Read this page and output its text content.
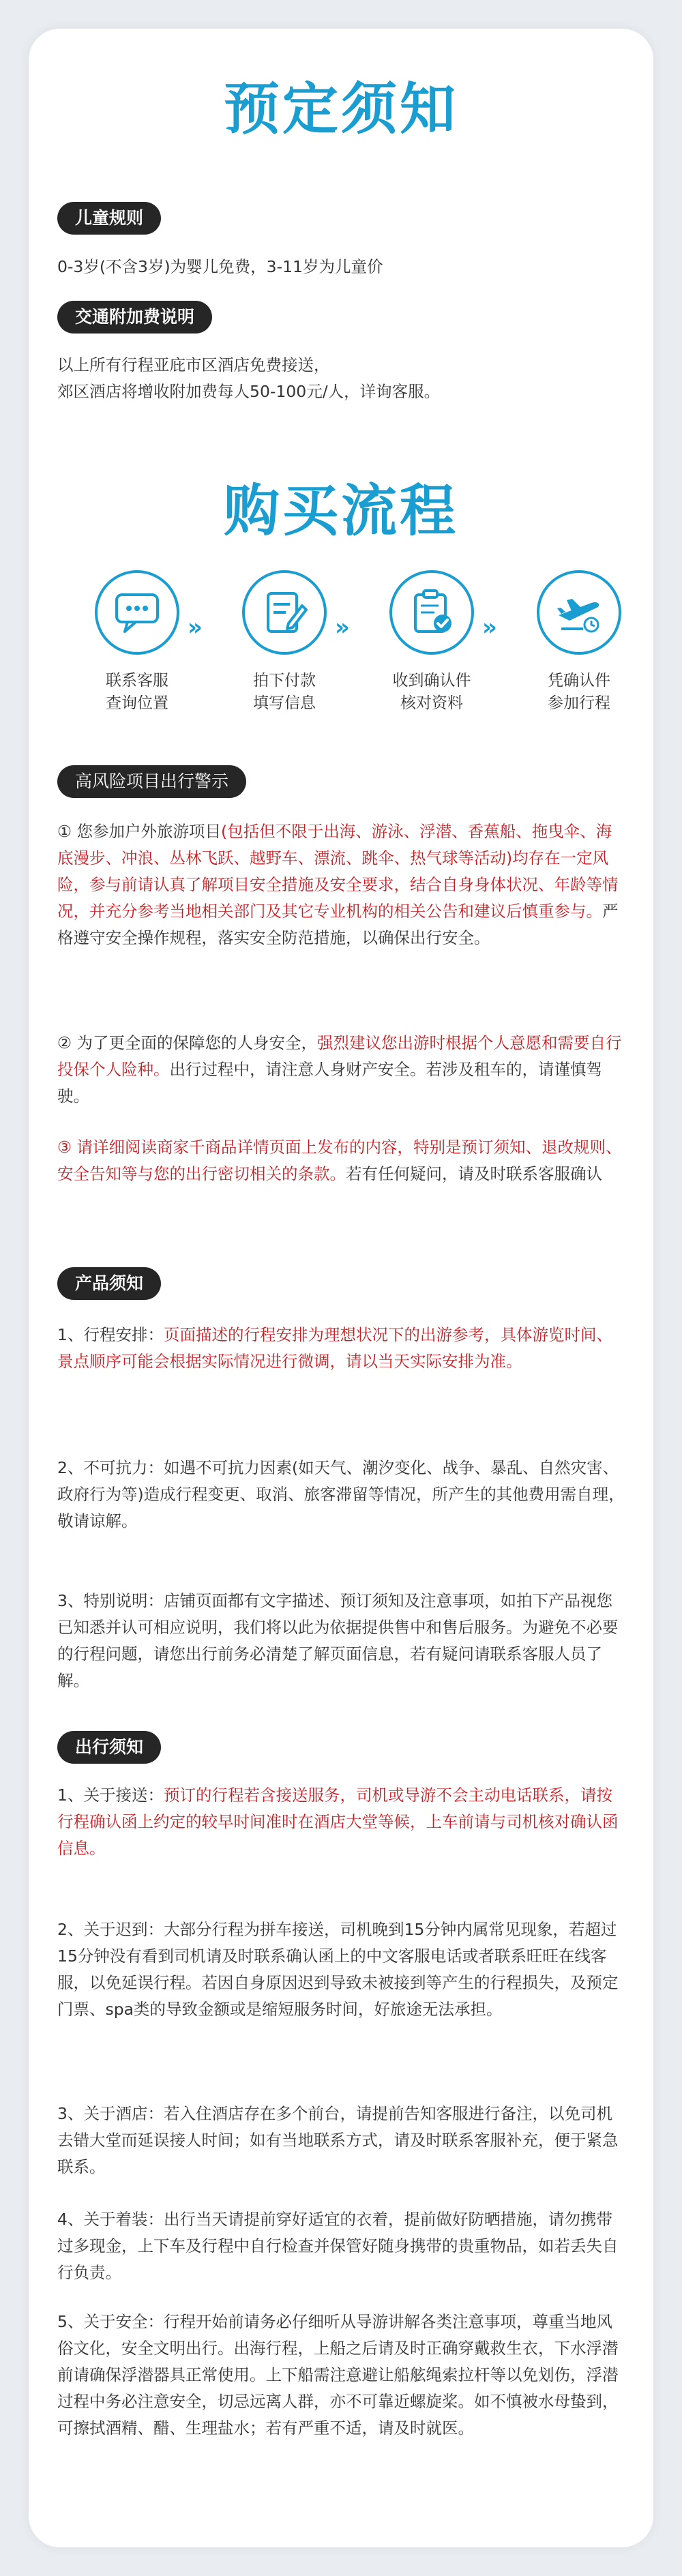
预定须知
儿童规则
0-3岁(不含3岁)为婴儿免费，3-11岁为儿童价
交通附加费说明

以上所有行程亚庇市区酒店免费接送，

郊区酒店将增收附加费每人50-100元/人，详询客服。

购买流程
联系客服
查询位置
»
拍下付款
填写信息
»
收到确认件
核对资料
»
凭确认件
参加行程
高风险项目出行警示
① 您参加户外旅游项目(包括但不限于出海、游泳、浮潜、香蕉船、拖曳伞、海底漫步、冲浪、丛林飞跃、越野车、漂流、跳伞、热气球等活动)均存在一定风险，参与前请认真了解项目安全措施及安全要求，结合自身身体状况、年龄等情况，并充分参考当地相关部门及其它专业机构的相关公告和建议后慎重参与。严格遵守安全操作规程，落实安全防范措施，以确保出行安全。
② 为了更全面的保障您的人身安全，强烈建议您出游时根据个人意愿和需要自行投保个人险种。出行过程中，请注意人身财产安全。若涉及租车的，请谨慎驾驶。
③ 请详细阅读商家千商品详情页面上发布的内容，特别是预订须知、退改规则、安全告知等与您的出行密切相关的条款。若有任何疑问，请及时联系客服确认
产品须知
1、行程安排：页面描述的行程安排为理想状况下的出游参考，具体游览时间、景点顺序可能会根据实际情况进行微调，请以当天实际安排为准。
2、不可抗力：如遇不可抗力因素(如天气、潮汐变化、战争、暴乱、自然灾害、政府行为等)造成行程变更、取消、旅客滞留等情况，所产生的其他费用需自理，敬请谅解。
3、特别说明：店铺页面都有文字描述、预订须知及注意事项，如拍下产品视您已知悉并认可相应说明，我们将以此为依据提供售中和售后服务。为避免不必要的行程问题，请您出行前务必清楚了解页面信息，若有疑问请联系客服人员了解。
出行须知
1、关于接送：预订的行程若含接送服务，司机或导游不会主动电话联系，请按行程确认函上约定的较早时间准时在酒店大堂等候，上车前请与司机核对确认函信息。
2、关于迟到：大部分行程为拼车接送，司机晚到15分钟内属常见现象，若超过15分钟没有看到司机请及时联系确认函上的中文客服电话或者联系旺旺在线客服，以免延误行程。若因自身原因迟到导致未被接到等产生的行程损失，及预定门票、spa类的导致金额或是缩短服务时间，好旅途无法承担。
3、关于酒店：若入住酒店存在多个前台，请提前告知客服进行备注，以免司机去错大堂而延误接人时间；如有当地联系方式，请及时联系客服补充，便于紧急联系。
4、关于着装：出行当天请提前穿好适宜的衣着，提前做好防晒措施，请勿携带过多现金，上下车及行程中自行检查并保管好随身携带的贵重物品，如若丢失自行负责。
5、关于安全：行程开始前请务必仔细听从导游讲解各类注意事项，尊重当地风俗文化，安全文明出行。出海行程，上船之后请及时正确穿戴救生衣，下水浮潜前请确保浮潜器具正常使用。上下船需注意避让船舷绳索拉杆等以免划伤，浮潜过程中务必注意安全，切忌远离人群，亦不可靠近螺旋桨。如不慎被水母蛰到，可擦拭酒精、醋、生理盐水；若有严重不适，请及时就医。
